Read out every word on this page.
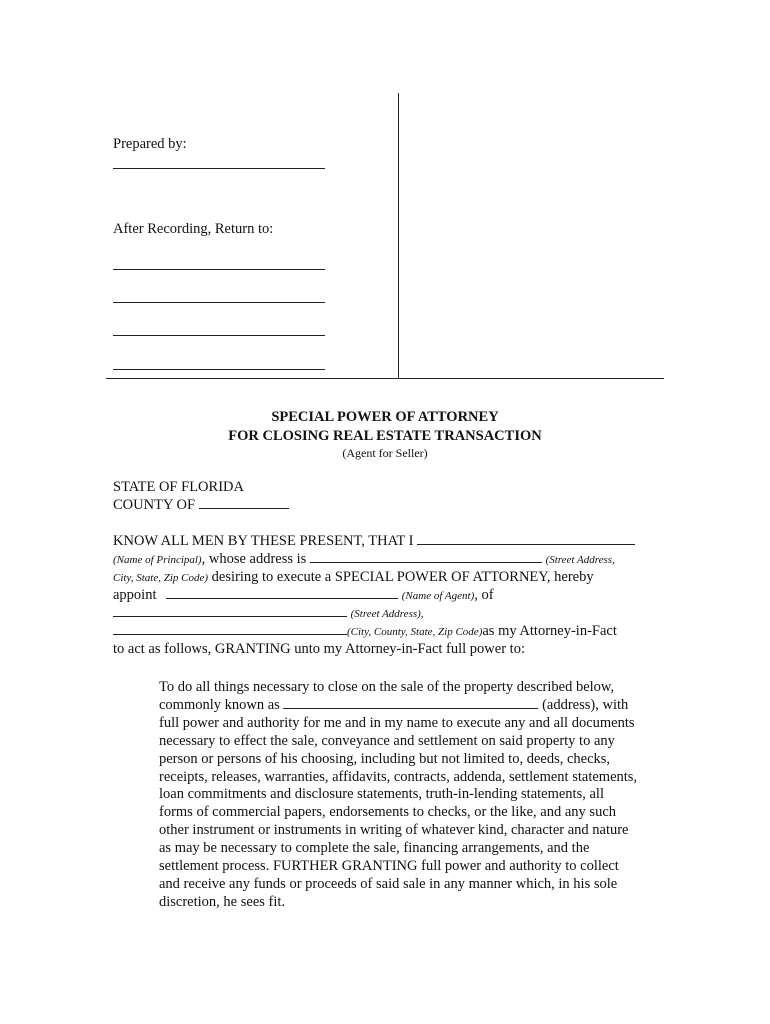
Prepared by:
After Recording, Return to:
SPECIAL POWER OF ATTORNEY
FOR CLOSING REAL ESTATE TRANSACTION
(Agent for Seller)
STATE OF FLORIDA
COUNTY OF
KNOW ALL MEN BY THESE PRESENT, THAT I
(Name of Principal), whose address is	(Street Address,
City, State, Zip Code) desiring to execute a SPECIAL POWER OF ATTORNEY, hereby
appoint	(Name of Agent), of
(Street Address),
(City, County, State, Zip Code)as my Attorney-in-Fact
to act as follows, GRANTING unto my Attorney-in-Fact full power to:
To do all things necessary to close on the sale of the property described below,
commonly known as	(address), with
full power and authority for me and in my name to execute any and all documents
necessary to effect the sale, conveyance and settlement on said property to any
person or persons of his choosing, including but not limited to, deeds, checks,
receipts, releases, warranties, affidavits, contracts, addenda, settlement statements,
loan commitments and disclosure statements, truth-in-lending statements, all
forms of commercial papers, endorsements to checks, or the like, and any such
other instrument or instruments in writing of whatever kind, character and nature
as may be necessary to complete the sale, financing arrangements, and the
settlement process. FURTHER GRANTING full power and authority to collect
and receive any funds or proceeds of said sale in any manner which, in his sole
discretion, he sees fit.
